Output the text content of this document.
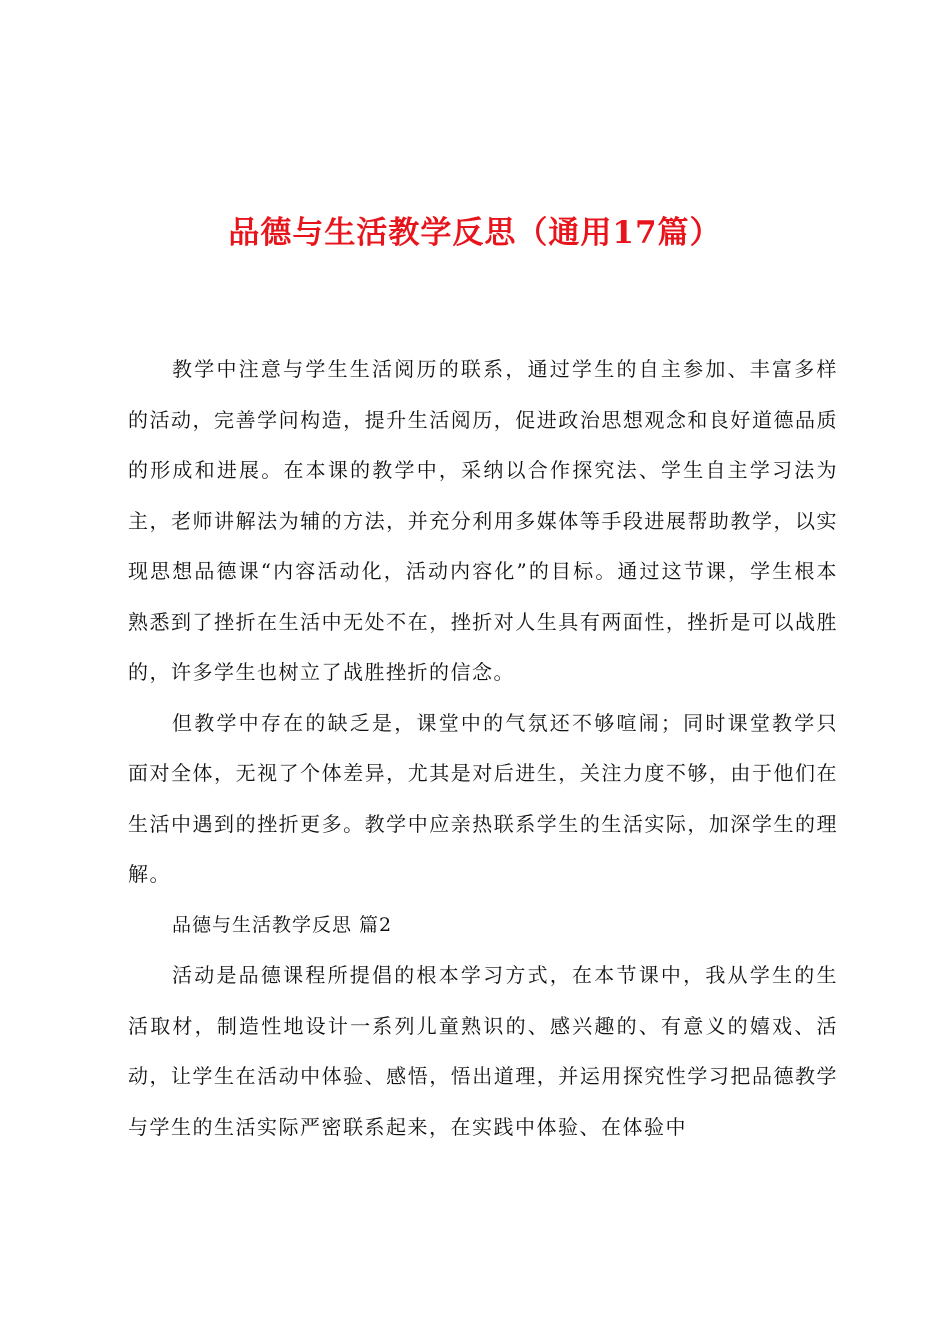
品德与生活教学反思（通用17篇）

教学中注意与学生生活阅历的联系，通过学生的自主参加、丰富多样的活动，完善学问构造，提升生活阅历，促进政治思想观念和良好道德品质的形成和进展。在本课的教学中，采纳以合作探究法、学生自主学习法为主，老师讲解法为辅的方法，并充分利用多媒体等手段进展帮助教学，以实现思想品德课“内容活动化，活动内容化”的目标。通过这节课，学生根本熟悉到了挫折在生活中无处不在，挫折对人生具有两面性，挫折是可以战胜的，许多学生也树立了战胜挫折的信念。

但教学中存在的缺乏是，课堂中的气氛还不够喧闹；同时课堂教学只面对全体，无视了个体差异，尤其是对后进生，关注力度不够，由于他们在生活中遇到的挫折更多。教学中应亲热联系学生的生活实际，加深学生的理解。

品德与生活教学反思 篇2

活动是品德课程所提倡的根本学习方式，在本节课中，我从学生的生活取材，制造性地设计一系列儿童熟识的、感兴趣的、有意义的嬉戏、活动，让学生在活动中体验、感悟，悟出道理，并运用探究性学习把品德教学与学生的生活实际严密联系起来，在实践中体验、在体验中
